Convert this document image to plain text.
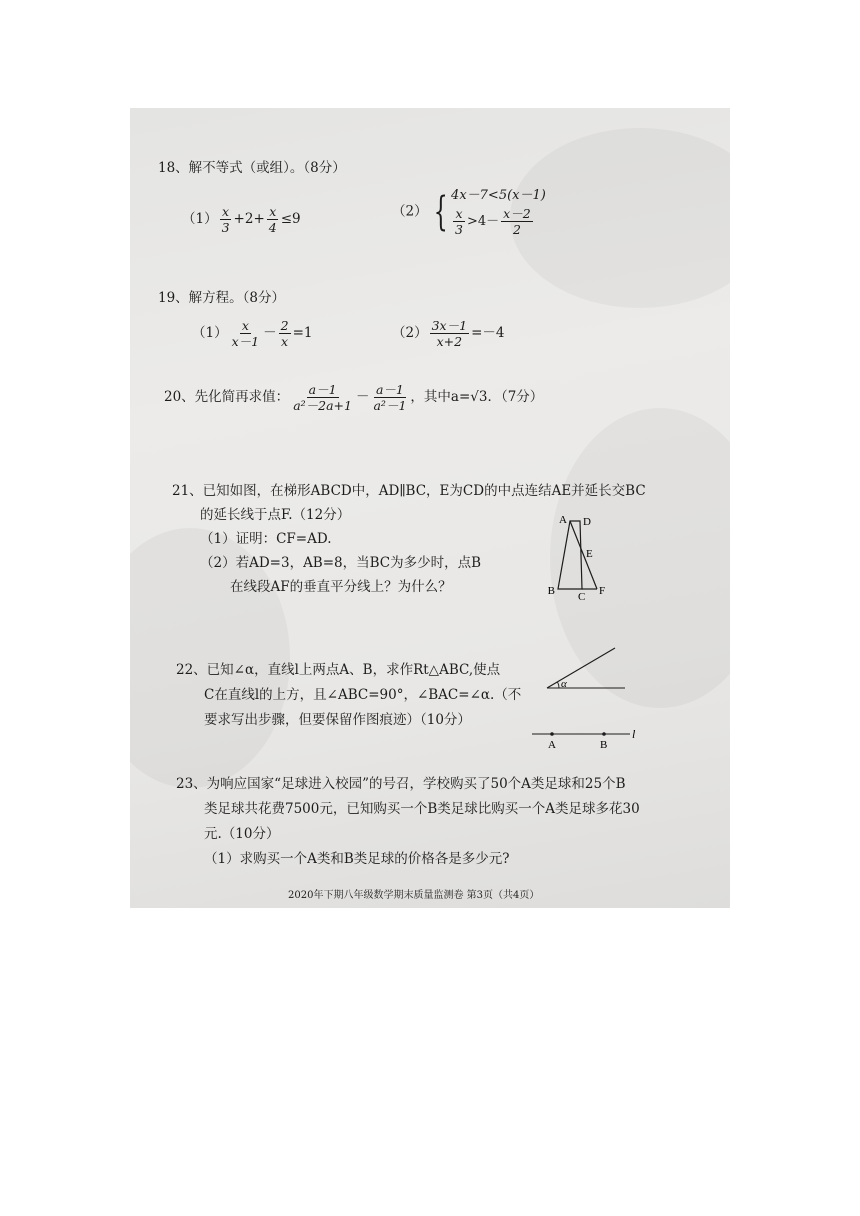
18、解不等式（或组）。（8分）
$(1) \frac{x}{3} +2+ \frac{x}{4} \le 9$	（2） { 4x－7<5(x－1)
$\frac{x}{3} >4- \frac{x-2}{2}$
19、解方程。（8分）
$(1) \frac{x}{x-1} - \frac{2}{x} =1$	$(2) \frac{3x-1}{x+2} =-4$
20、先化简再求值： $\frac{a-1}{\text{a²－2a+1}} - \frac{a-1}{\text{a²－1}}$ ，其中a=√3．（7分）
21、已知如图，在梯形ABCD中，AD∥BC，E为CD的中点连结AE并延长交BC
的延长线于点F.（12分）
（1）证明：CF=AD.
（2）若AD=3，AB=8，当BC为多少时，点B
在线段AF的垂直平分线上？为什么？
A D
E
B C F
22、已知∠α，直线l上两点A、B，求作Rt△ABC,使点
C在直线l的上方，且∠ABC=90°，∠BAC=∠α.（不
要求写出步骤，但要保留作图痕迹）（10分）
α
A	B
l
23、为响应国家“足球进入校园”的号召，学校购买了50个A类足球和25个B
类足球共花费7500元，已知购买一个B类足球比购买一个A类足球多花30
元.（10分）
（1）求购买一个A类和B类足球的价格各是多少元?
2020年下期八年级数学期末质量监测卷 第3页（共4页）
